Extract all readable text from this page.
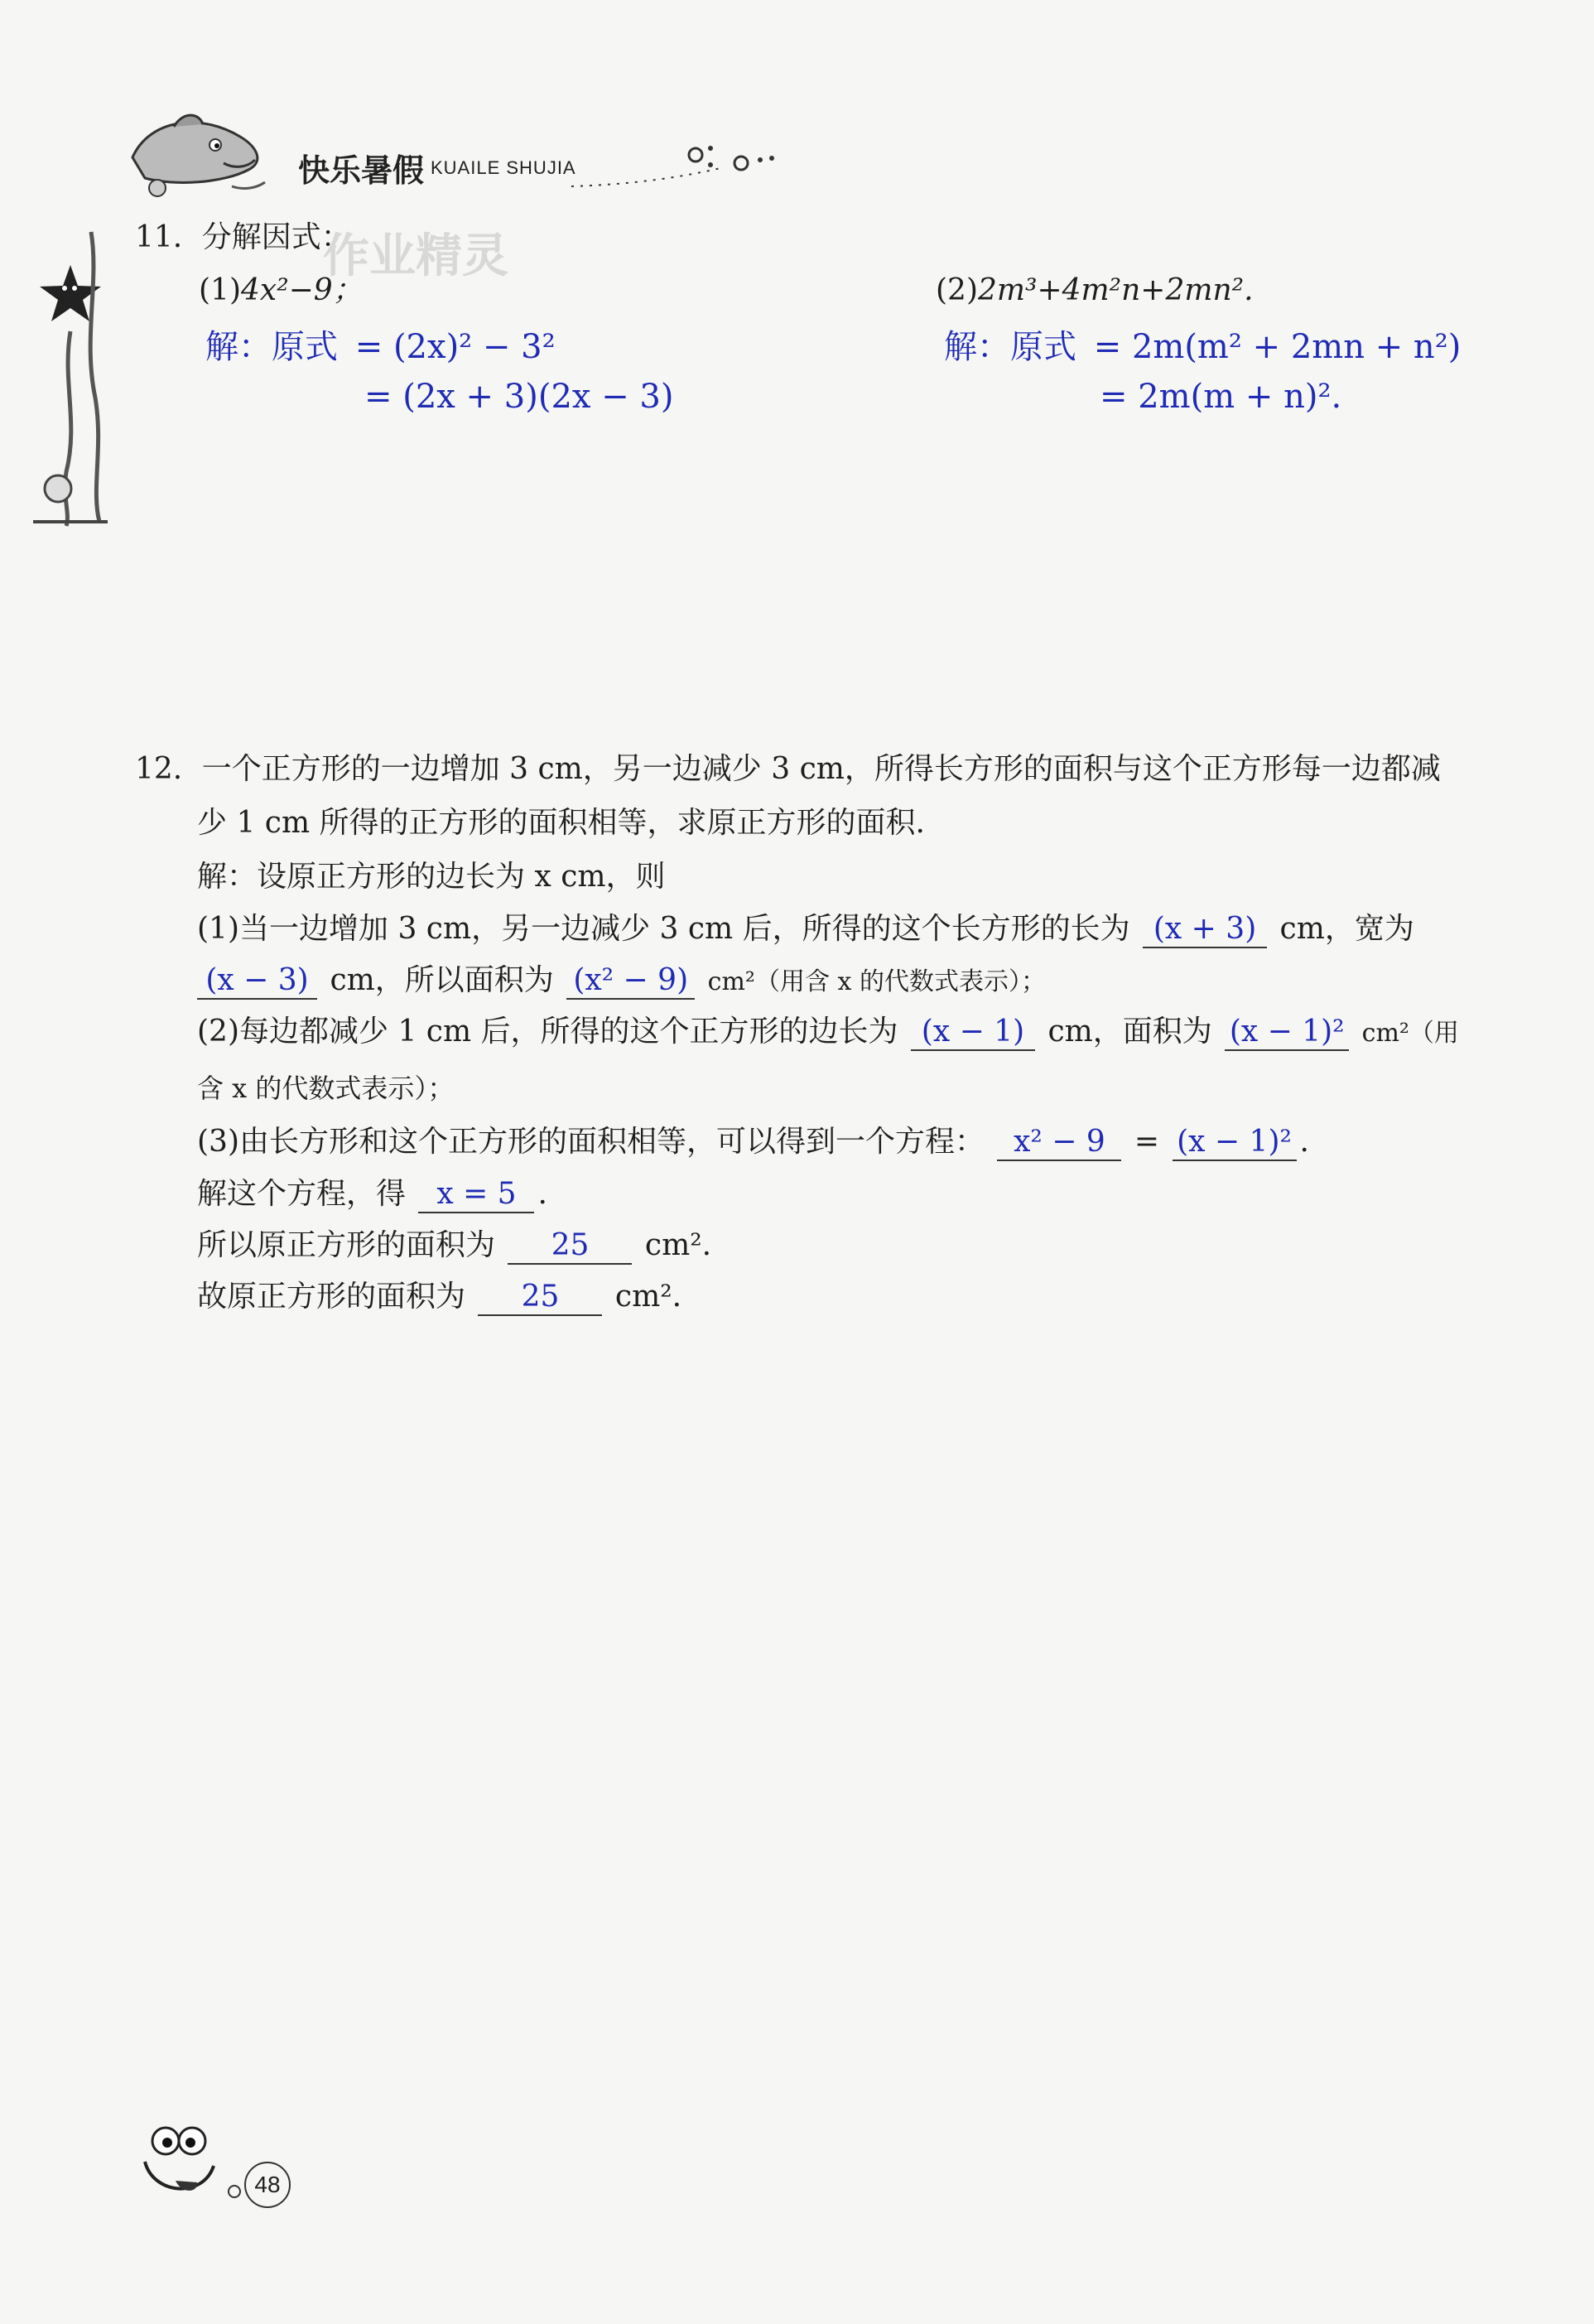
快乐暑假 KUAILE SHUJIA
作业精灵
11. 分解因式：
(1)4x²−9；	(2)2m³+4m²n+2mn².
解：原式 = (2x)² − 3²
= (2x + 3)(2x − 3)
解：原式 = 2m(m² + 2mn + n²)
= 2m(m + n)².
12. 一个正方形的一边增加 3 cm，另一边减少 3 cm，所得长方形的面积与这个正方形每一边都减
少 1 cm 所得的正方形的面积相等，求原正方形的面积.
解：设原正方形的边长为 x cm，则
(1)当一边增加 3 cm，另一边减少 3 cm 后，所得的这个长方形的长为 (x + 3) cm，宽为
(x − 3) cm，所以面积为 (x² − 9) cm²（用含 x 的代数式表示）；
(2)每边都减少 1 cm 后，所得的这个正方形的边长为 (x − 1) cm，面积为 (x − 1)² cm²（用
含 x 的代数式表示）；
(3)由长方形和这个正方形的面积相等，可以得到一个方程： x² − 9 = (x − 1)² .
解这个方程，得 x = 5 .
所以原正方形的面积为 25 cm².
故原正方形的面积为 25 cm².
48
